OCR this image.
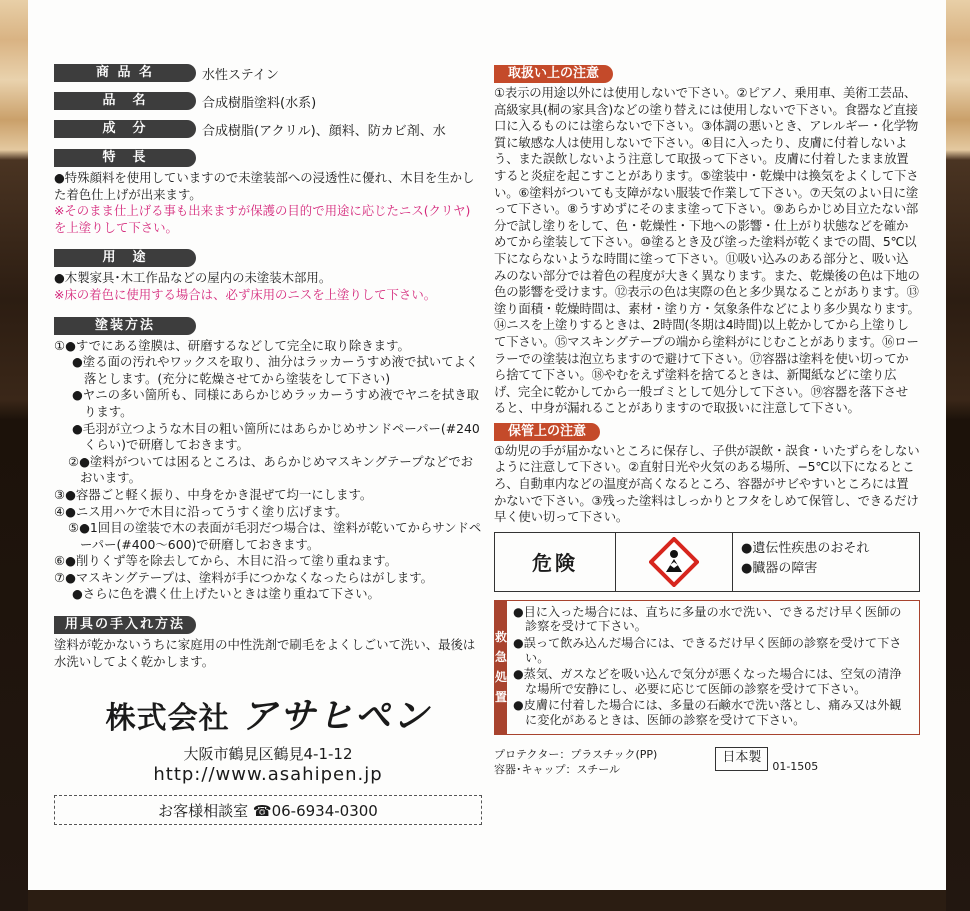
商 品 名	水性ステイン
品　名	合成樹脂塗料(水系)
成　分	合成樹脂(アクリル)、顔料、防カビ剤、水
特　長

●特殊顔料を使用していますので未塗装部への浸透性に優れ、木目を生かした着色仕上げが出来ます。

※そのまま仕上げる事も出来ますが保護の目的で用途に応じたニス(クリヤ)を上塗りして下さい。

用　途

●木製家具･木工作品などの屋内の未塗装木部用。

※床の着色に使用する場合は、必ず床用のニスを上塗りして下さい。

塗装方法

①●すでにある塗膜は、研磨するなどして完全に取り除きます。

●塗る面の汚れやワックスを取り、油分はラッカーうすめ液で拭いてよく落とします。(充分に乾燥させてから塗装をして下さい)

●ヤニの多い箇所も、同様にあらかじめラッカーうすめ液でヤニを拭き取ります。

●毛羽が立つような木目の粗い箇所にはあらかじめサンドペーパー(#240くらい)で研磨しておきます。

②●塗料がついては困るところは、あらかじめマスキングテープなどでおおいます。

③●容器ごと軽く振り、中身をかき混ぜて均一にします。

④●ニス用ハケで木目に沿ってうすく塗り広げます。

⑤●1回目の塗装で木の表面が毛羽だつ場合は、塗料が乾いてからサンドペーパー(#400〜600)で研磨しておきます。

⑥●削りくず等を除去してから、木目に沿って塗り重ねます。

⑦●マスキングテープは、塗料が手につかなくなったらはがします。

●さらに色を濃く仕上げたいときは塗り重ねて下さい。

用具の手入れ方法

塗料が乾かないうちに家庭用の中性洗剤で刷毛をよくしごいて洗い、最後は水洗いしてよく乾かします。

株式会社 アサヒペン
大阪市鶴見区鶴見4-1-12
http://www.asahipen.jp
お客様相談室 ☎06-6934-0300
取扱い上の注意
①表示の用途以外には使用しないで下さい。②ピアノ、乗用車、美術工芸品、高級家具(桐の家具含)などの塗り替えには使用しないで下さい。食器など直接口に入るものには塗らないで下さい。③体調の悪いとき、アレルギー・化学物質に敏感な人は使用しないで下さい。④目に入ったり、皮膚に付着しないよう、また誤飲しないよう注意して取扱って下さい。皮膚に付着したまま放置すると炎症を起こすことがあります。⑤塗装中・乾燥中は換気をよくして下さい。⑥塗料がついても支障がない服装で作業して下さい。⑦天気のよい日に塗って下さい。⑧うすめずにそのまま塗って下さい。⑨あらかじめ目立たない部分で試し塗りをして、色・乾燥性・下地への影響・仕上がり状態などを確かめてから塗装して下さい。⑩塗るとき及び塗った塗料が乾くまでの間、5℃以下にならないような時間に塗って下さい。⑪吸い込みのある部分と、吸い込みのない部分では着色の程度が大きく異なります。また、乾燥後の色は下地の色の影響を受けます。⑫表示の色は実際の色と多少異なることがあります。⑬塗り面積・乾燥時間は、素材・塗り方・気象条件などにより多少異なります。⑭ニスを上塗りするときは、2時間(冬期は4時間)以上乾かしてから上塗りして下さい。⑮マスキングテープの端から塗料がにじむことがあります。⑯ローラーでの塗装は泡立ちますので避けて下さい。⑰容器は塗料を使い切ってから捨てて下さい。⑱やむをえず塗料を捨てるときは、新聞紙などに塗り広げ、完全に乾かしてから一般ゴミとして処分して下さい。⑲容器を落下させると、中身が漏れることがありますので取扱いに注意して下さい。
保管上の注意
①幼児の手が届かないところに保存し、子供が誤飲・誤食・いたずらをしないように注意して下さい。②直射日光や火気のある場所、−5℃以下になるところ、自動車内などの温度が高くなるところ、容器がサビやすいところには置かないで下さい。③残った塗料はしっかりとフタをしめて保管し、できるだけ早く使い切って下さい。
危険
●遺伝性疾患のおそれ
●臓器の障害
救
急
処
置

●目に入った場合には、直ちに多量の水で洗い、できるだけ早く医師の診察を受けて下さい。

●誤って飲み込んだ場合には、できるだけ早く医師の診察を受けて下さい。

●蒸気、ガスなどを吸い込んで気分が悪くなった場合には、空気の清浄な場所で安静にし、必要に応じて医師の診察を受けて下さい。

●皮膚に付着した場合には、多量の石鹸水で洗い落とし、痛み又は外観に変化があるときは、医師の診察を受けて下さい。

プロテクター：プラスチック(PP)
容器･キャップ：スチール
日本製
01-1505
